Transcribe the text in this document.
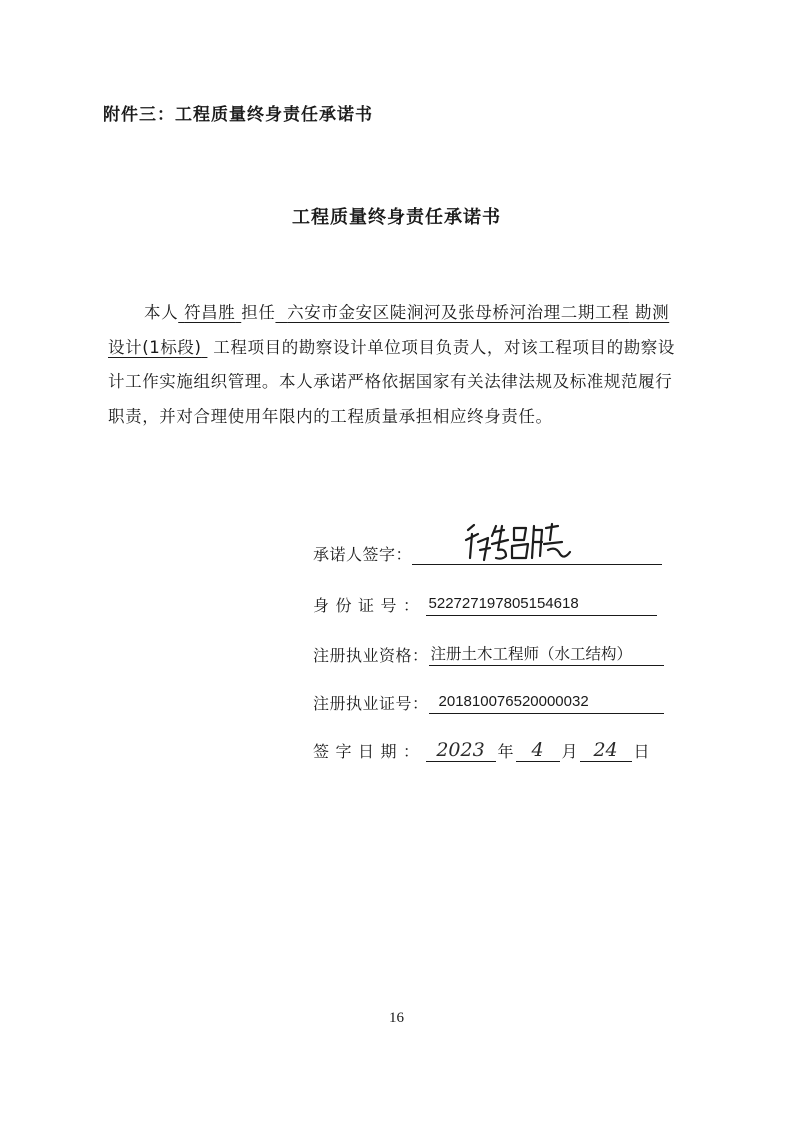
附件三：工程质量终身责任承诺书
工程质量终身责任承诺书
本人 符昌胜 担任 六安市金安区陡涧河及张母桥河治理二期工程 勘测设计(1标段) 工程项目的勘察设计单位项目负责人，对该工程项目的勘察设计工作实施组织管理。本人承诺严格依据国家有关法律法规及标准规范履行职责，并对合理使用年限内的工程质量承担相应终身责任。
承诺人签字：
身份证号： 522727197805154618
注册执业资格： 注册土木工程师（水工结构）
注册执业证号： 201810076520000032
签字日期： 2023 年 4	月 24 日
16
